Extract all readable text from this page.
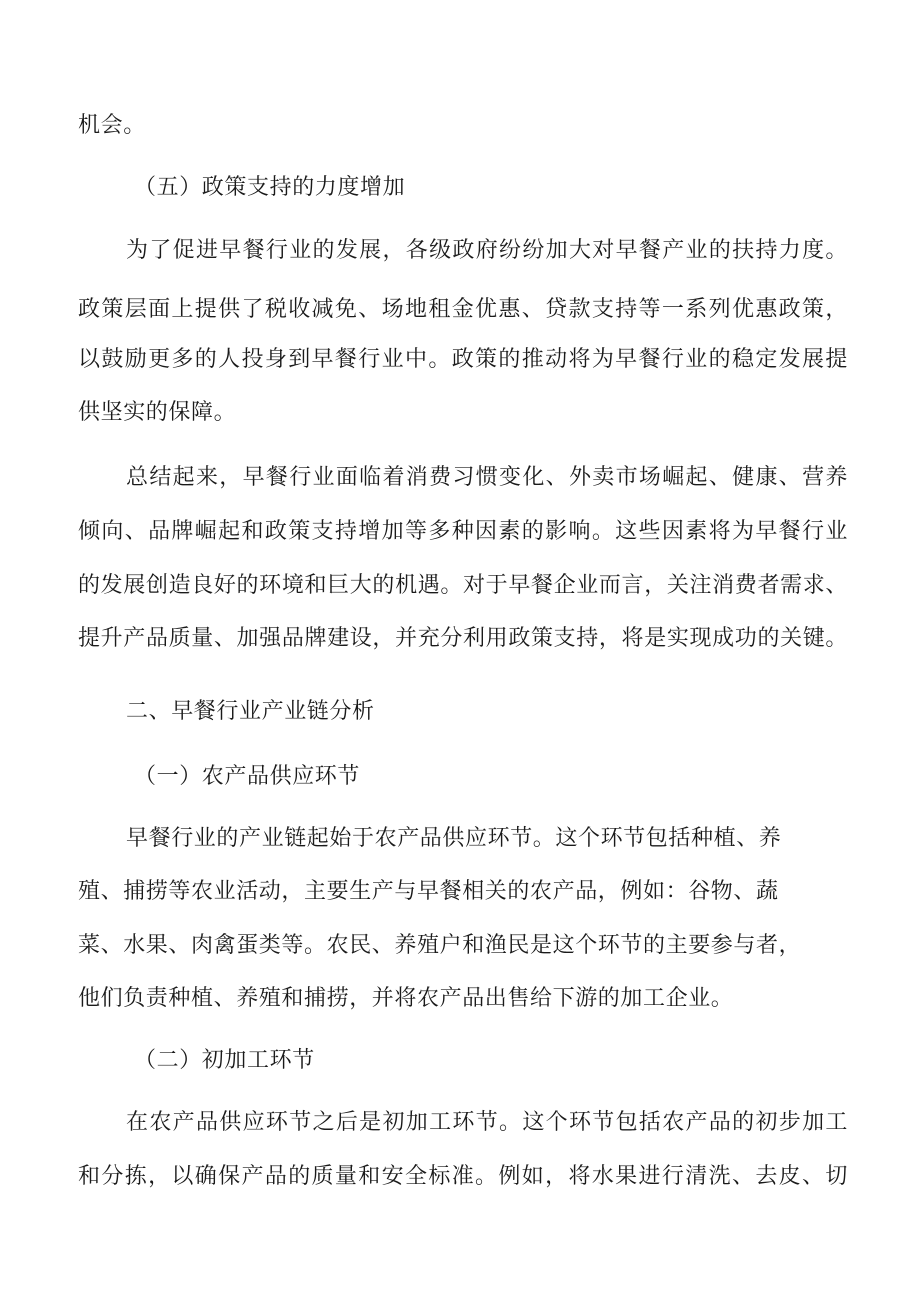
机会。
（五）政策支持的力度增加
为了促进早餐行业的发展，各级政府纷纷加大对早餐产业的扶持力度。
政策层面上提供了税收减免、场地租金优惠、贷款支持等一系列优惠政策，
以鼓励更多的人投身到早餐行业中。政策的推动将为早餐行业的稳定发展提
供坚实的保障。
总结起来，早餐行业面临着消费习惯变化、外卖市场崛起、健康、营养
倾向、品牌崛起和政策支持增加等多种因素的影响。这些因素将为早餐行业
的发展创造良好的环境和巨大的机遇。对于早餐企业而言，关注消费者需求、
提升产品质量、加强品牌建设，并充分利用政策支持，将是实现成功的关键。
二、早餐行业产业链分析
（一）农产品供应环节
早餐行业的产业链起始于农产品供应环节。这个环节包括种植、养
殖、捕捞等农业活动，主要生产与早餐相关的农产品，例如：谷物、蔬
菜、水果、肉禽蛋类等。农民、养殖户和渔民是这个环节的主要参与者，
他们负责种植、养殖和捕捞，并将农产品出售给下游的加工企业。
（二）初加工环节
在农产品供应环节之后是初加工环节。这个环节包括农产品的初步加工
和分拣，以确保产品的质量和安全标准。例如，将水果进行清洗、去皮、切
